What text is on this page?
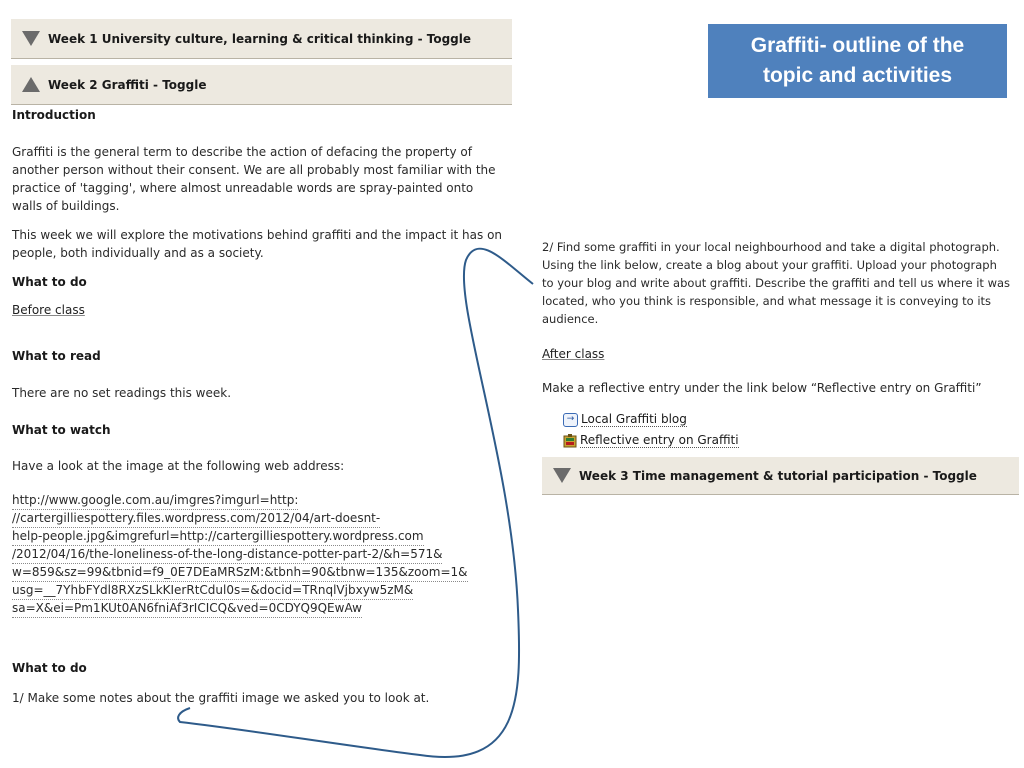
Week 1 University culture, learning & critical thinking - Toggle
Week 2 Graffiti - Toggle

Introduction

Graffiti is the general term to describe the action of defacing the property of another person without their consent. We are all probably most familiar with the practice of 'tagging', where almost unreadable words are spray-painted onto walls of buildings.

This week we will explore the motivations behind graffiti and the impact it has on people, both individually and as a society.

What to do

Before class

What to read

There are no set readings this week.

What to watch

Have a look at the image at the following web address:

http://www.google.com.au/imgres?imgurl=http:
//cartergilliespottery.files.wordpress.com/2012/04/art-doesnt-
help-people.jpg&imgrefurl=http://cartergilliespottery.wordpress.com
/2012/04/16/the-loneliness-of-the-long-distance-potter-part-2/&h=571&
w=859&sz=99&tbnid=f9_0E7DEaMRSzM:&tbnh=90&tbnw=135&zoom=1&
usg=__7YhbFYdl8RXzSLkKIerRtCdul0s=&docid=TRnqlVjbxyw5zM&
sa=X&ei=Pm1KUt0AN6fniAf3rICICQ&ved=0CDYQ9QEwAw

What to do

1/ Make some notes about the graffiti image we asked you to look at.

Graffiti- outline of the
topic and activities

2/ Find some graffiti in your local neighbourhood and take a digital photograph. Using the link below, create a blog about your graffiti. Upload your photograph to your blog and write about graffiti. Describe the graffiti and tell us where it was located, who you think is responsible, and what message it is conveying to its audience.

After class

Make a reflective entry under the link below “Reflective entry on Graffiti”

→ Local Graffiti blog
Reflective entry on Graffiti
Week 3 Time management & tutorial participation - Toggle
